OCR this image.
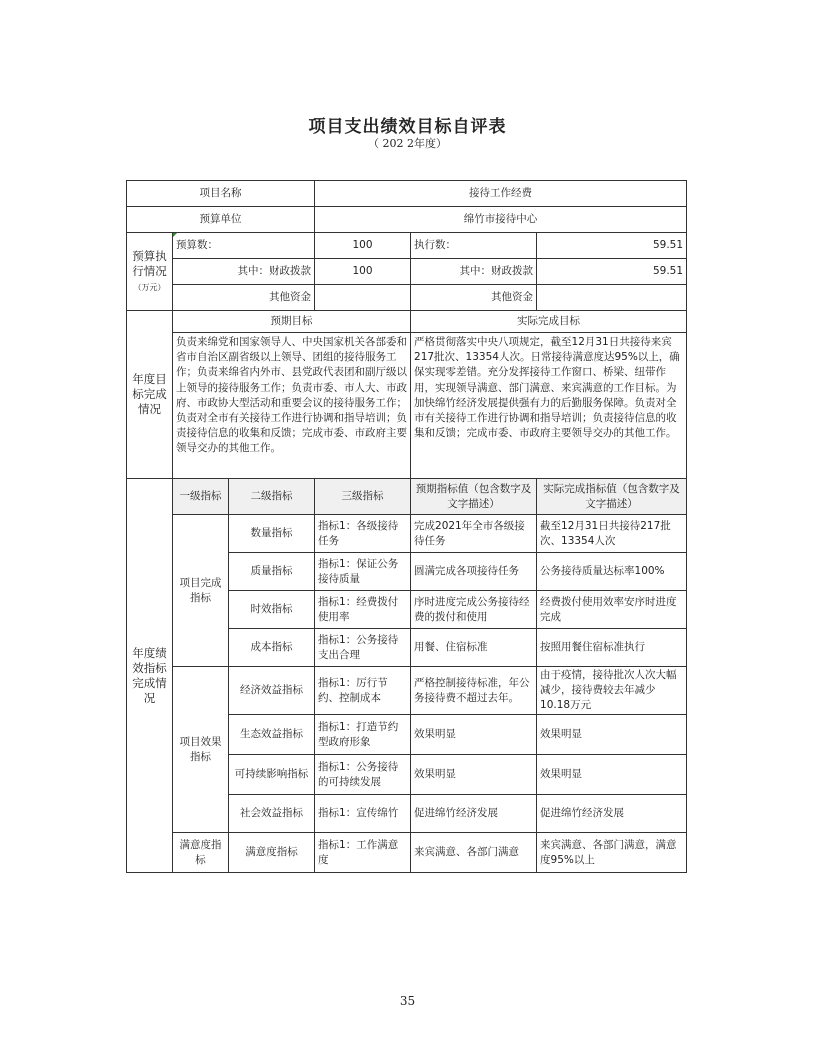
项目支出绩效目标自评表
（ 202 2年度）
项目名称			接待工作经费		
预算单位			绵竹市接待中心		
预算执行情况
（万元）	预算数：		100	执行数：	59.51
	其中：财政拨款		100	其中：财政拨款	59.51
	其他资金			其他资金	
年度目标完成情况	预期目标			实际完成目标	
	负责来绵党和国家领导人、中央国家机关各部委和省市自治区副省级以上领导、团组的接待服务工作；负责来绵省内外市、县党政代表团和副厅级以上领导的接待服务工作；负责市委、市人大、市政府、市政协大型活动和重要会议的接待服务工作；负责对全市有关接待工作进行协调和指导培训；负责接待信息的收集和反馈；完成市委、市政府主要领导交办的其他工作。			严格贯彻落实中央八项规定，截至12月31日共接待来宾217批次、13354人次。日常接待满意度达95%以上，确保实现零差错。充分发挥接待工作窗口、桥梁、纽带作用，实现领导满意、部门满意、来宾满意的工作目标。为加快绵竹经济发展提供强有力的后勤服务保障。负责对全市有关接待工作进行协调和指导培训；负责接待信息的收集和反馈；完成市委、市政府主要领导交办的其他工作。	
年度绩效指标完成情况	一级指标	二级指标	三级指标	预期指标值（包含数字及文字描述）	实际完成指标值（包含数字及文字描述）
	项目完成指标	数量指标	指标1：各级接待任务	完成2021年全市各级接待任务	截至12月31日共接待217批次、13354人次
		质量指标	指标1：保证公务接待质量	圆满完成各项接待任务	公务接待质量达标率100%
		时效指标	指标1：经费拨付使用率	序时进度完成公务接待经费的拨付和使用	经费拨付使用效率安序时进度完成
		成本指标	指标1：公务接待支出合理	用餐、住宿标准	按照用餐住宿标准执行
	项目效果指标	经济效益指标	指标1：厉行节约、控制成本	严格控制接待标准，年公务接待费不超过去年。	由于疫情，接待批次人次大幅减少，接待费较去年减少10.18万元
		生态效益指标	指标1：打造节约型政府形象	效果明显	效果明显
		可持续影响指标	指标1：公务接待的可持续发展	效果明显	效果明显
		社会效益指标	指标1：宣传绵竹	促进绵竹经济发展	促进绵竹经济发展
	满意度指标	满意度指标	指标1：工作满意度	来宾满意、各部门满意	来宾满意、各部门满意，满意度95%以上
35
